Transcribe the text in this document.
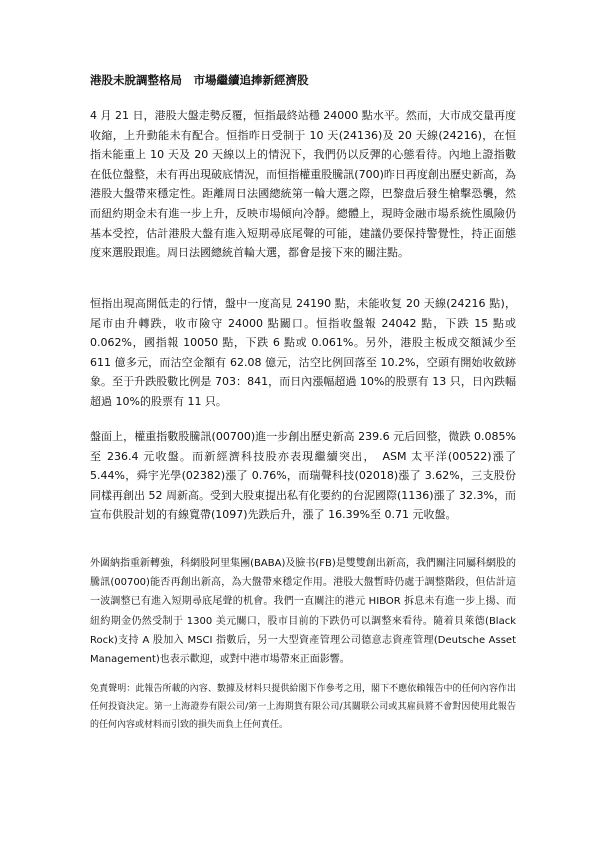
港股未脫調整格局　市場繼續追捧新經濟股
4 月 21 日，港股大盤走勢反覆，恒指最終站穩 24000 點水平。然而，大市成交量再度收縮，上升動能未有配合。恒指昨日受制于 10 天(24136)及 20 天線(24216)，在恒指未能重上 10 天及 20 天線以上的情況下，我們仍以反彈的心態看待。內地上證指數在低位盤整，未有再出現破底情況，而恒指權重股騰訊(700)昨日再度創出歷史新高，為港股大盤帶來穩定性。距離周日法國總統第一輪大選之際，巴黎盘后發生槍擊恐襲，然而紐約期金未有進一步上升，反映市場傾向冷靜。總體上，現時金融市場系統性風險仍基本受控，估計港股大盤有進入短期尋底尾聲的可能，建議仍要保持警覺性，持正面態度來選股跟進。周日法國總統首輪大選，都會是接下來的關注點。
恒指出現高開低走的行情，盤中一度高見 24190 點，未能收复 20 天線(24216 點)，尾市由升轉跌，收市險守 24000 點關口。恒指收盤報 24042 點，下跌 15 點或 0.062%，國指報 10050 點，下跌 6 點或 0.061%。另外，港股主板成交額減少至 611 億多元，而沽空金額有 62.08 億元，沽空比例回落至 10.2%，空頭有開始收斂跡象。至于升跌股數比例是 703：841，而日內漲幅超過 10%的股票有 13 只，日內跌幅超過 10%的股票有 11 只。
盤面上，權重指數股騰訊(00700)進一步創出歷史新高 239.6 元后回整，微跌 0.085%至 236.4 元收盤。而新經濟科技股亦表現繼續突出，　ASM 太平洋(00522)漲了 5.44%，舜宇光學(02382)漲了 0.76%，而瑞聲科技(02018)漲了 3.62%，三支股份同樣再創出 52 周新高。受到大股東提出私有化要約的台泥國際(1136)漲了 32.3%，而宣布供股計划的有線寬帶(1097)先跌后升，漲了 16.39%至 0.71 元收盤。
外圍納指重新轉強，科網股阿里集團(BABA)及臉书(FB)是雙雙創出新高，我們關注同屬科網股的騰訊(00700)能否再創出新高，為大盤帶來穩定作用。港股大盤暫時仍處于調整階段，但估計這一波調整已有進入短期尋底尾聲的机會。我們一直關注的港元 HIBOR 拆息未有進一步上揚、而紐約期金仍然受制于 1300 美元關口，股市目前的下跌仍可以調整來看待。隨着貝萊德(Black Rock)支持 A 股加入 MSCI 指數后，另一大型資產管理公司德意志資產管理(Deutsche Asset Management)也表示歡迎，或對中港市場帶來正面影響。
免責聲明：此報告所載的內容、數據及材料只提供給閣下作參考之用，閣下不應依賴報告中的任何內容作出任何投資決定。第一上海證券有限公司/第一上海期貨有限公司/其關联公司或其雇員將不會對因使用此報告的任何內容或材料而引致的損失而負上任何責任。
